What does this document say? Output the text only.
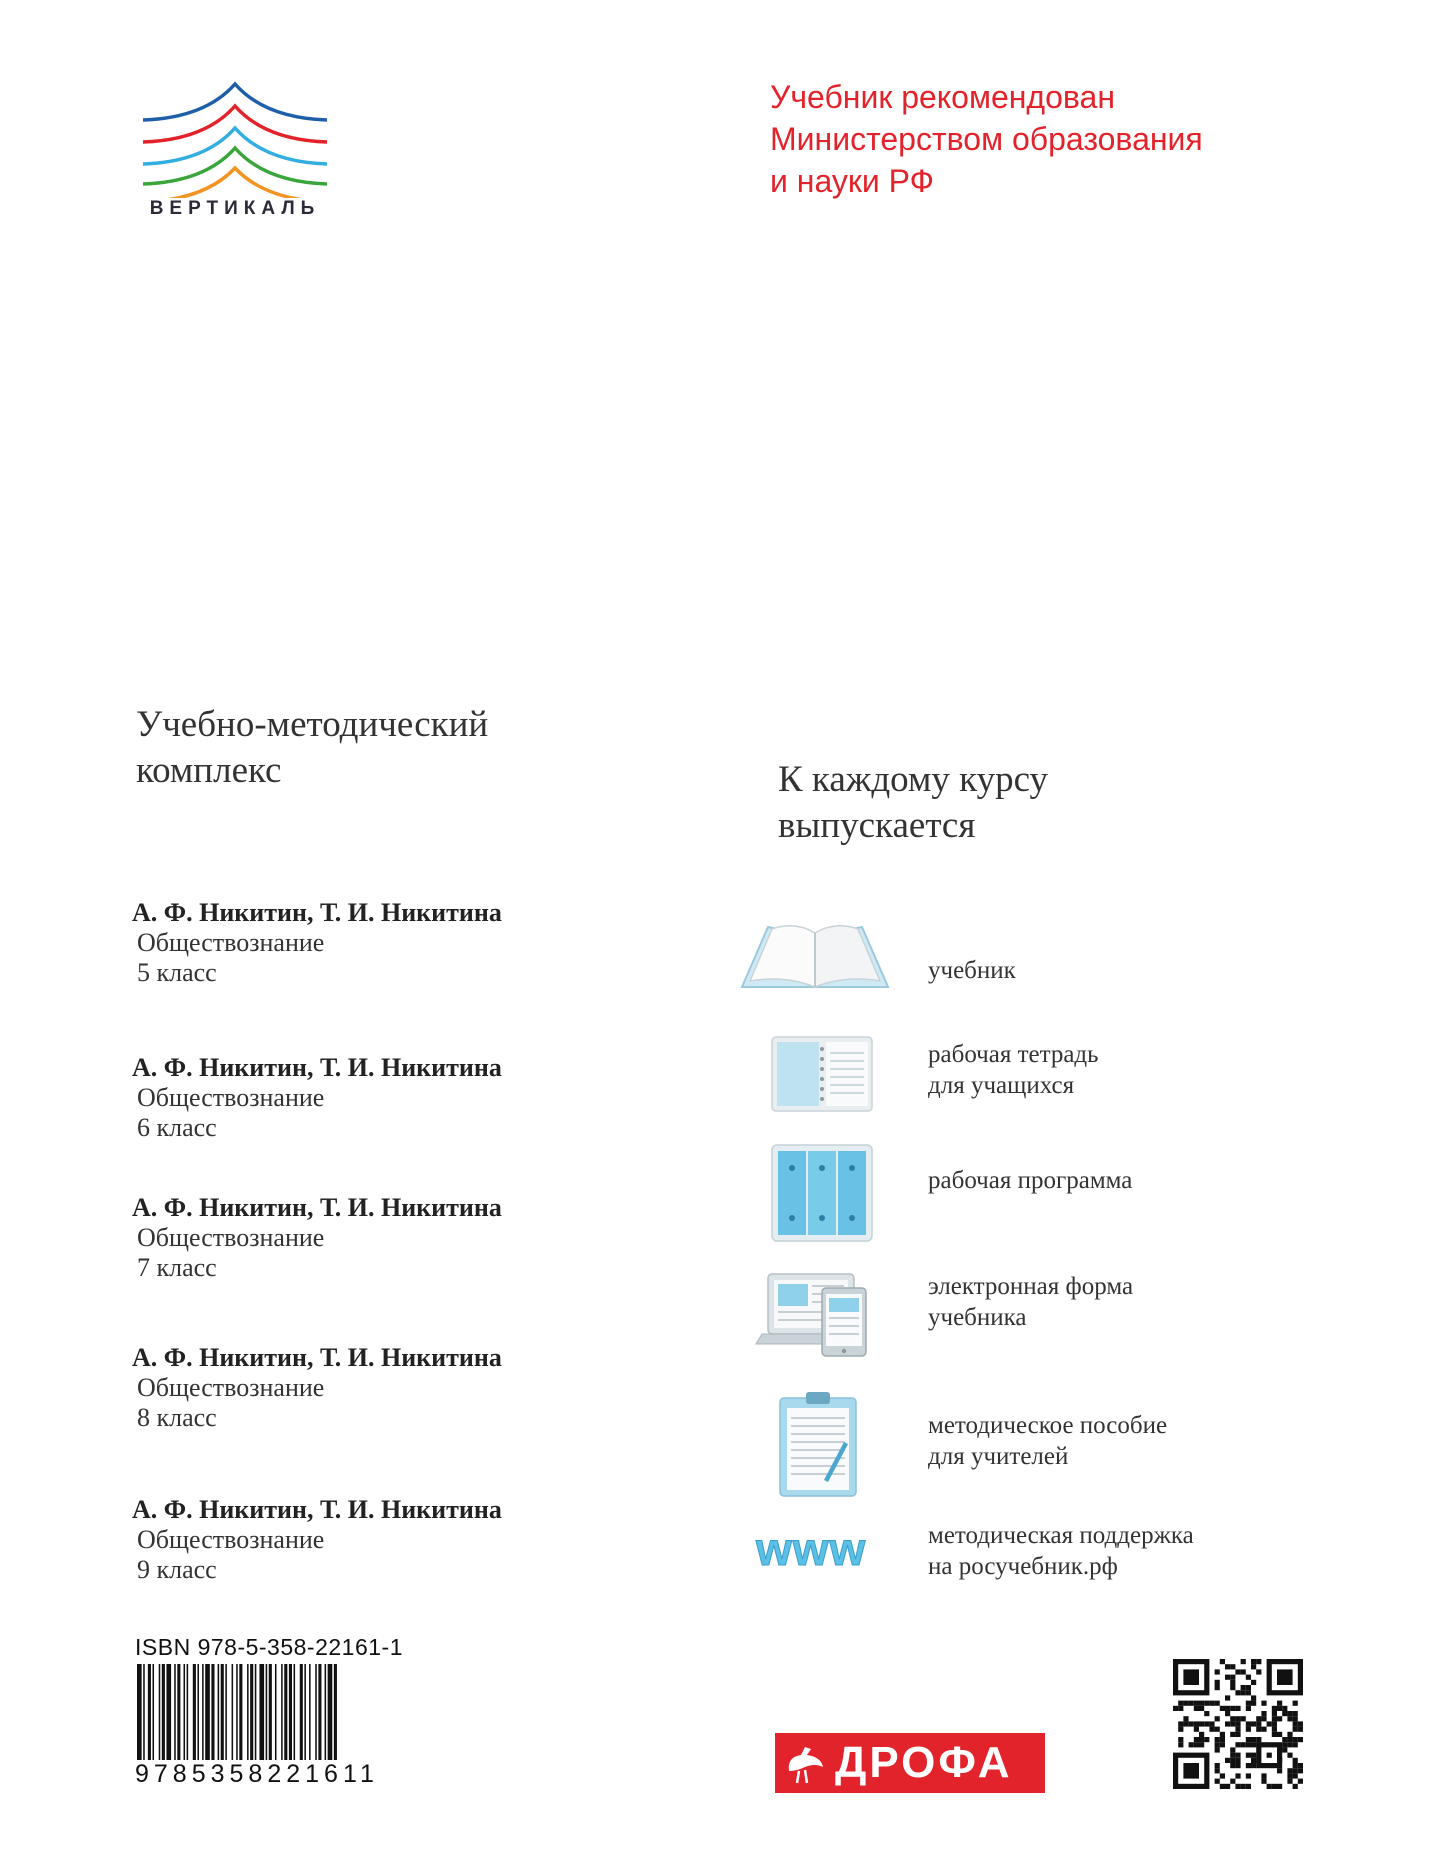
ВЕРТИКАЛЬ
Учебник рекомендован
Министерством образования
и науки РФ
Учебно-методический
комплекс
А. Ф. Никитин, Т. И. Никитина
Обществознание
5 класс
А. Ф. Никитин, Т. И. Никитина
Обществознание
6 класс
А. Ф. Никитин, Т. И. Никитина
Обществознание
7 класс
А. Ф. Никитин, Т. И. Никитина
Обществознание
8 класс
А. Ф. Никитин, Т. И. Никитина
Обществознание
9 класс
К каждому курсу
выпускается
учебник
рабочая тетрадь
для учащихся
рабочая программа
электронная форма
учебника
методическое пособие
для учителей
www методическая поддержка
на росучебник.рф
ISBN 978-5-358-22161-1
9785358221611	ДРОФА
